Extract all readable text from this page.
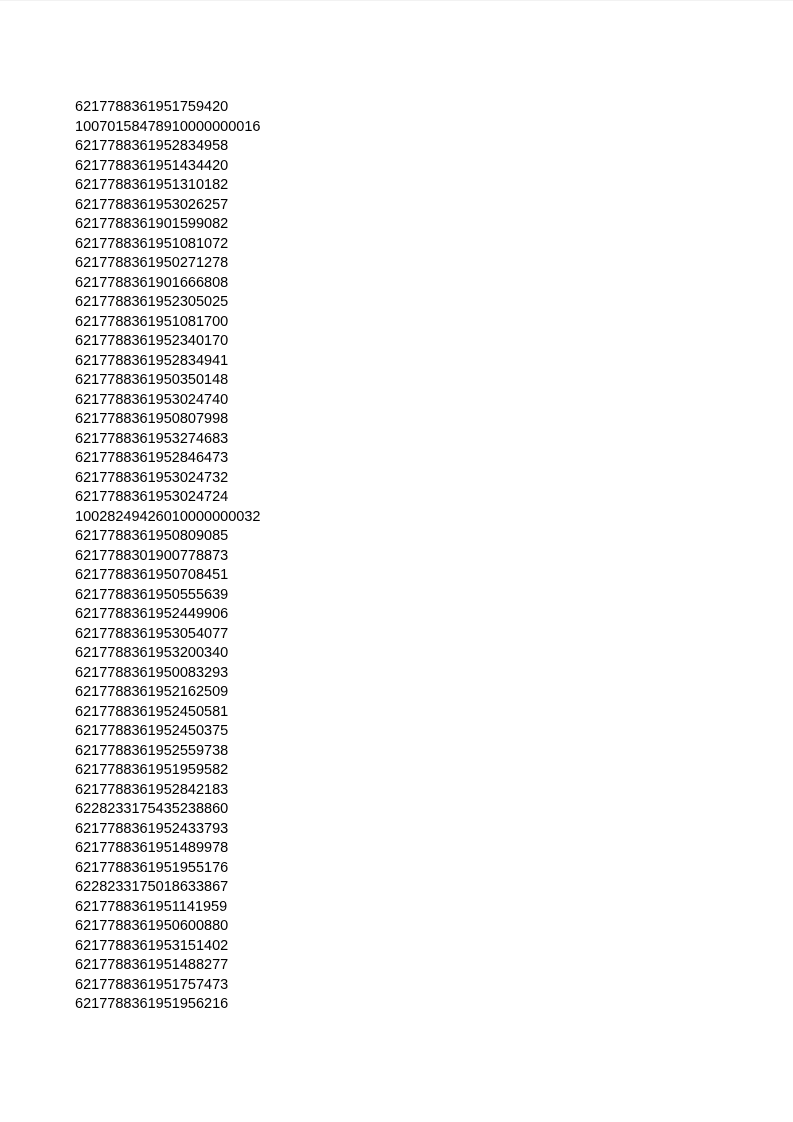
6217788361951759420
10070158478910000000016
6217788361952834958
6217788361951434420
6217788361951310182
6217788361953026257
6217788361901599082
6217788361951081072
6217788361950271278
6217788361901666808
6217788361952305025
6217788361951081700
6217788361952340170
6217788361952834941
6217788361950350148
6217788361953024740
6217788361950807998
6217788361953274683
6217788361952846473
6217788361953024732
6217788361953024724
10028249426010000000032
6217788361950809085
6217788301900778873
6217788361950708451
6217788361950555639
6217788361952449906
6217788361953054077
6217788361953200340
6217788361950083293
6217788361952162509
6217788361952450581
6217788361952450375
6217788361952559738
6217788361951959582
6217788361952842183
6228233175435238860
6217788361952433793
6217788361951489978
6217788361951955176
6228233175018633867
6217788361951141959
6217788361950600880
6217788361953151402
6217788361951488277
6217788361951757473
6217788361951956216
